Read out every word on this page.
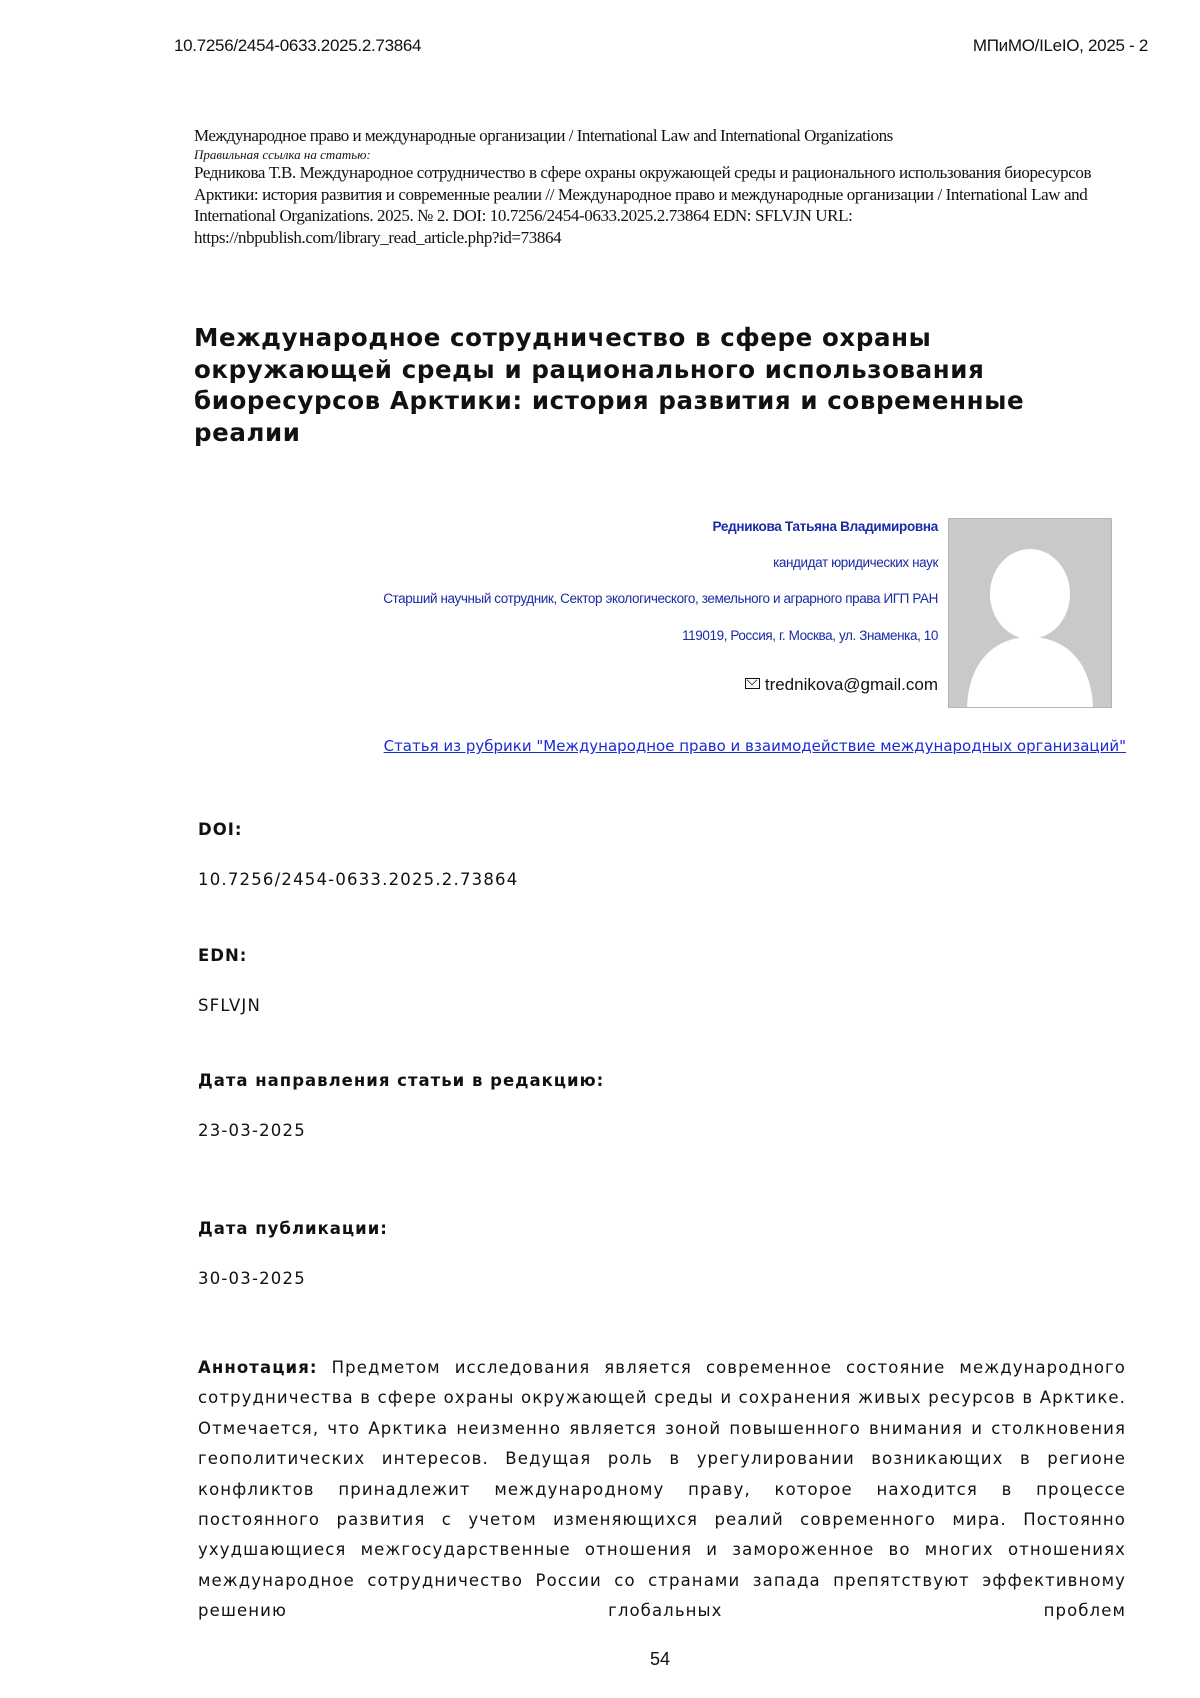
10.7256/2454-0633.2025.2.73864	МПиМО/ILeIO, 2025 - 2
Международное право и международные организации / International Law and International Organizations
Правильная ссылка на статью:
Редникова Т.В. Международное сотрудничество в сфере охраны окружающей среды и рационального использования биоресурсов Арктики: история развития и современные реалии // Международное право и международные организации / International Law and International Organizations. 2025. № 2. DOI: 10.7256/2454-0633.2025.2.73864 EDN: SFLVJN URL: https://nbpublish.com/library_read_article.php?id=73864
Международное сотрудничество в сфере охраны окружающей среды и рационального использования биоресурсов Арктики: история развития и современные реалии
Редникова Татьяна Владимировна
кандидат юридических наук
Старший научный сотрудник, Сектор экологического, земельного и аграрного права ИГП РАН
119019, Россия, г. Москва, ул. Знаменка, 10
trednikova@gmail.com
Статья из рубрики "Международное право и взаимодействие международных организаций"
DOI:
10.7256/2454-0633.2025.2.73864
EDN:
SFLVJN
Дата направления статьи в редакцию:
23-03-2025
Дата публикации:
30-03-2025

Аннотация: Предметом исследования является современное состояние международного сотрудничества в сфере охраны окружающей среды и сохранения живых ресурсов в Арктике. Отмечается, что Арктика неизменно является зоной повышенного внимания и столкновения геополитических интересов. Ведущая роль в урегулировании возникающих в регионе конфликтов принадлежит международному праву, которое находится в процессе постоянного развития с учетом изменяющихся реалий современного мира. Постоянно ухудшающиеся межгосударственные отношения и замороженное во многих отношениях международное сотрудничество России со странами запада препятствуют эффективному решению глобальных проблем

54
